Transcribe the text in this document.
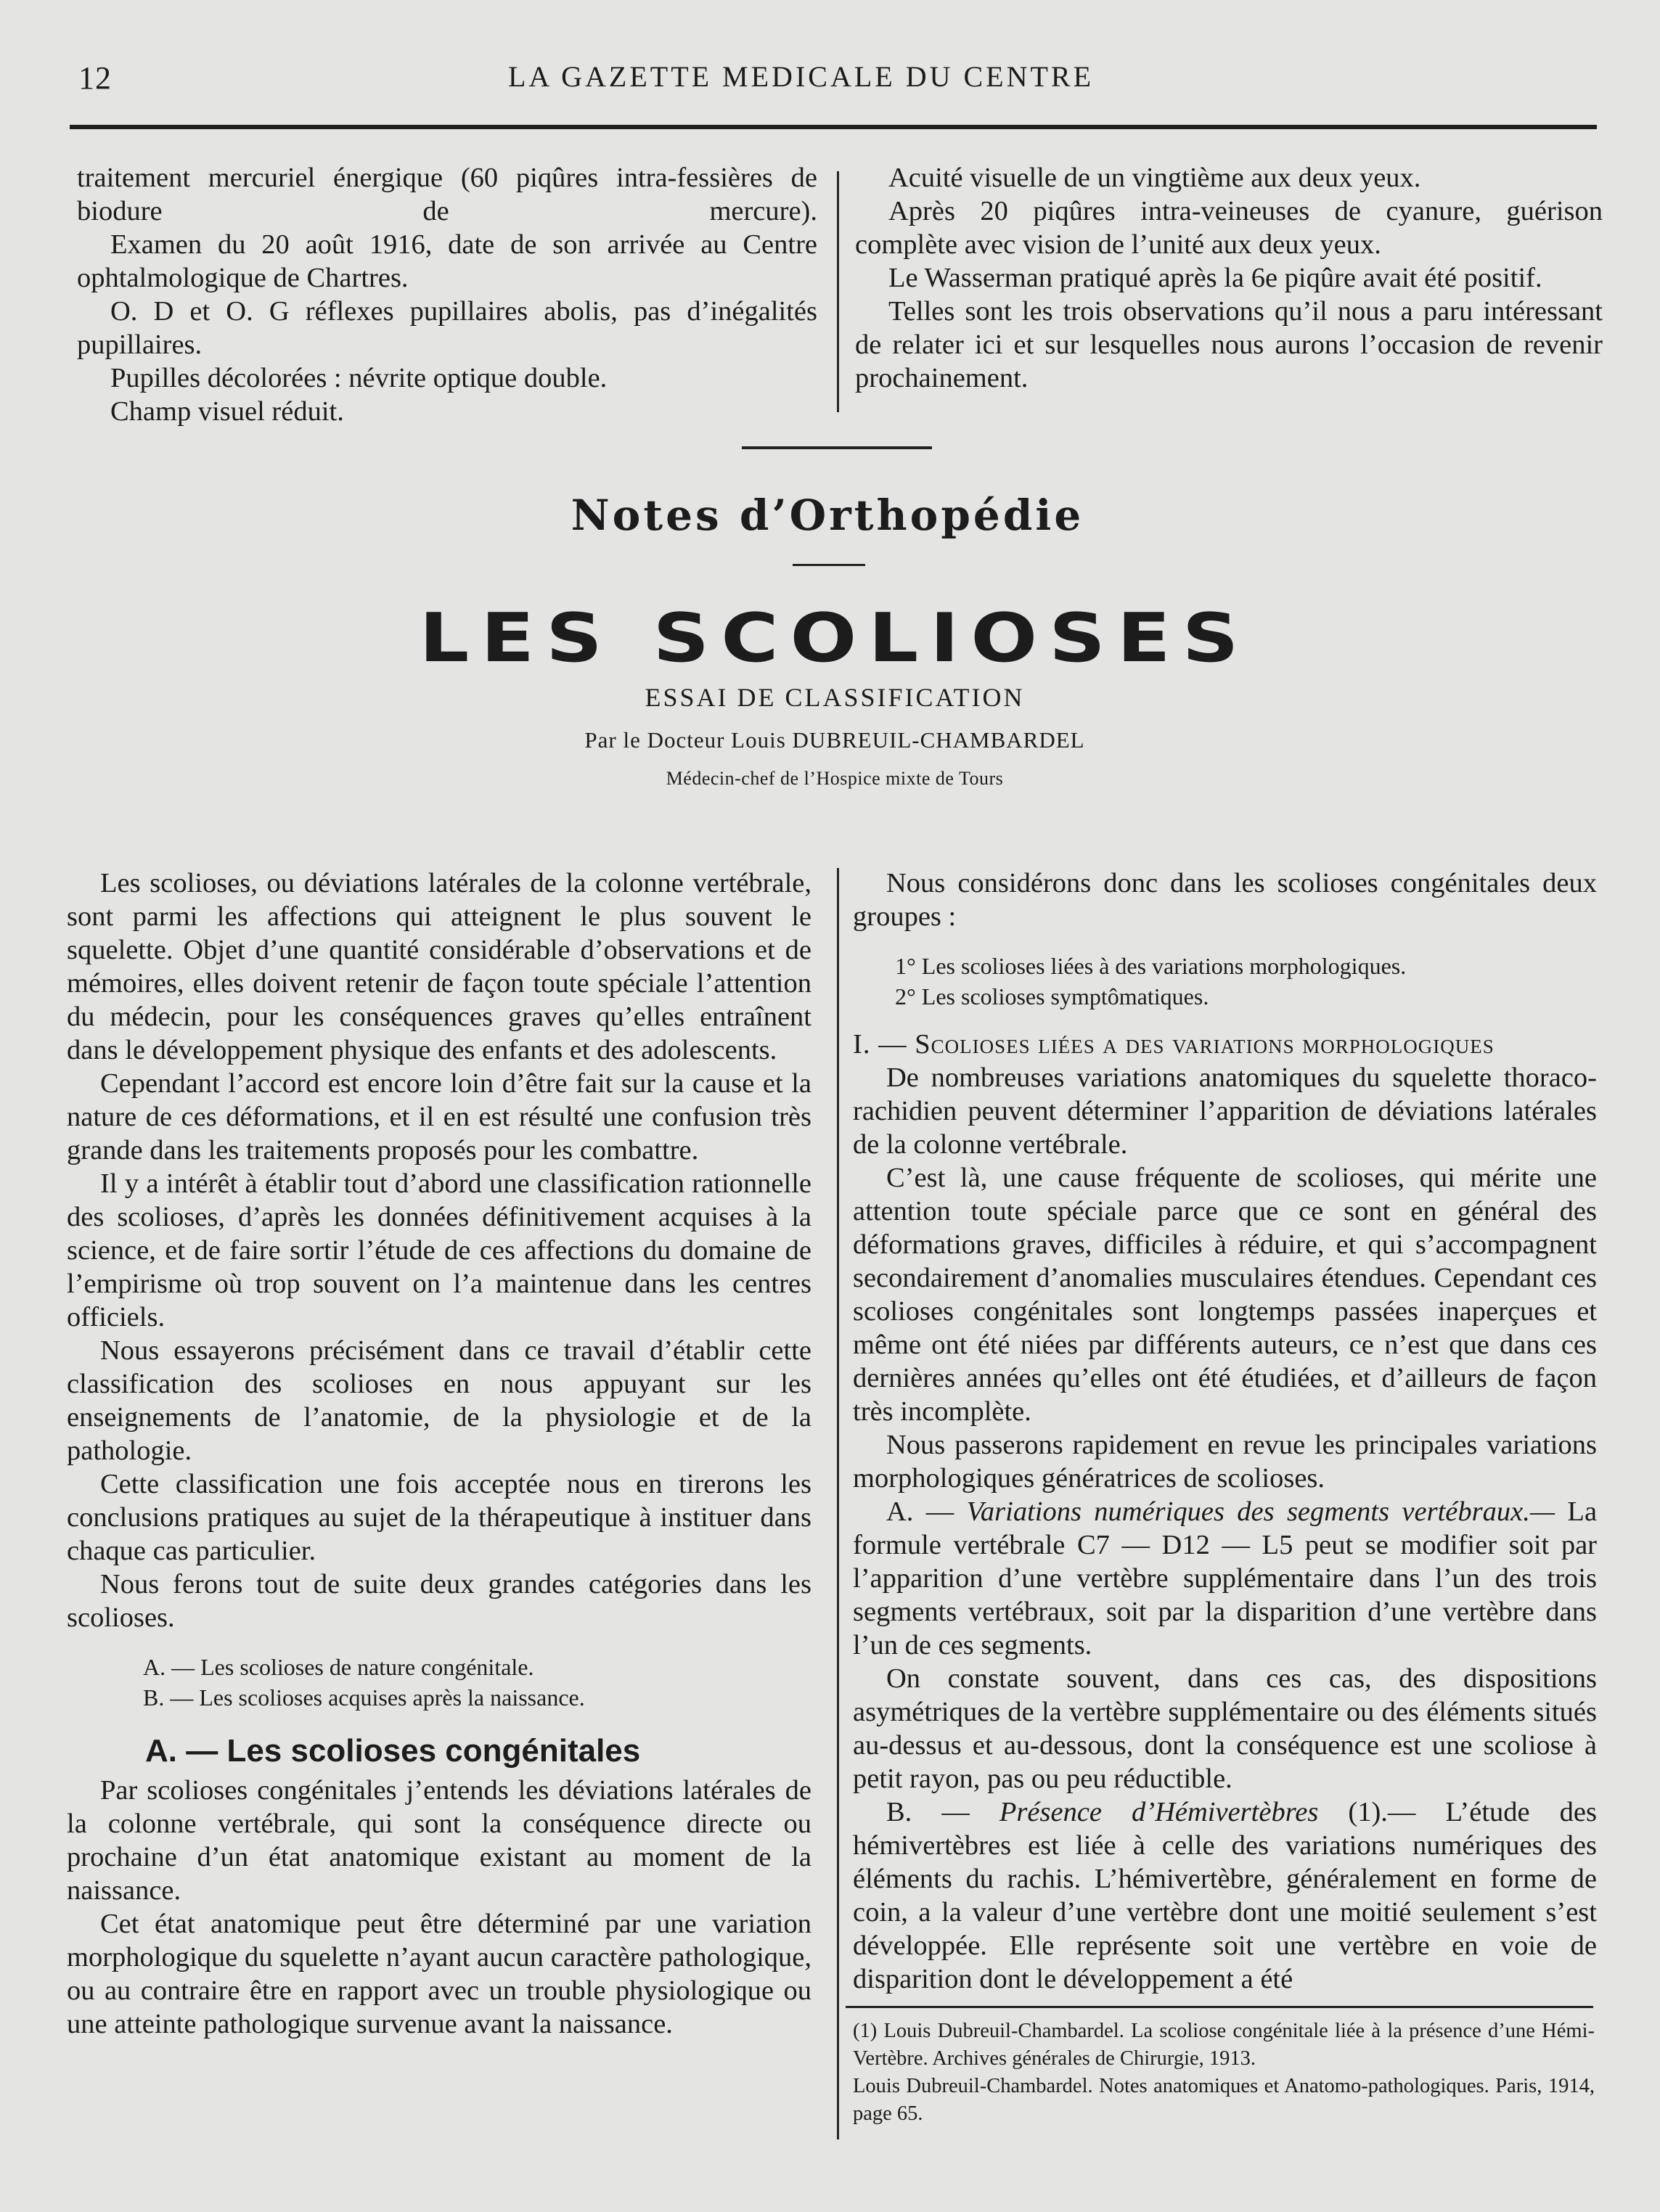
12	LA GAZETTE MEDICALE DU CENTRE

traitement mercuriel énergique (60 piqûres intra-fessières de biodure de mercure).

Examen du 20 août 1916, date de son arrivée au Centre ophtalmologique de Chartres.

O. D et O. G réflexes pupillaires abolis, pas d’inégalités pupillaires.

Pupilles décolorées : névrite optique double.

Champ visuel réduit.

Acuité visuelle de un vingtième aux deux yeux.

Après 20 piqûres intra-veineuses de cyanure, guérison complète avec vision de l’unité aux deux yeux.

Le Wasserman pratiqué après la 6e piqûre avait été positif.

Telles sont les trois observations qu’il nous a paru intéressant de relater ici et sur lesquelles nous aurons l’occasion de revenir prochainement.

Notes d’Orthopédie
LES SCOLIOSES
ESSAI DE CLASSIFICATION
Par le Docteur Louis DUBREUIL-CHAMBARDEL
Médecin-chef de l’Hospice mixte de Tours

Les scolioses, ou déviations latérales de la colonne vertébrale, sont parmi les affections qui atteignent le plus souvent le squelette. Objet d’une quantité considérable d’observations et de mémoires, elles doivent retenir de façon toute spéciale l’attention du médecin, pour les conséquences graves qu’elles entraînent dans le développement physique des enfants et des adolescents.

Cependant l’accord est encore loin d’être fait sur la cause et la nature de ces déformations, et il en est résulté une confusion très grande dans les traitements proposés pour les combattre.

Il y a intérêt à établir tout d’abord une classification rationnelle des scolioses, d’après les données définitivement acquises à la science, et de faire sortir l’étude de ces affections du domaine de l’empirisme où trop souvent on l’a maintenue dans les centres officiels.

Nous essayerons précisément dans ce travail d’établir cette classification des scolioses en nous appuyant sur les enseignements de l’anatomie, de la physiologie et de la pathologie.

Cette classification une fois acceptée nous en tirerons les conclusions pratiques au sujet de la thérapeutique à instituer dans chaque cas particulier.

Nous ferons tout de suite deux grandes catégories dans les scolioses.

A. — Les scolioses de nature congénitale.
B. — Les scolioses acquises après la naissance.
A. — Les scolioses congénitales

Par scolioses congénitales j’entends les déviations latérales de la colonne vertébrale, qui sont la conséquence directe ou prochaine d’un état anatomique existant au moment de la naissance.

Cet état anatomique peut être déterminé par une variation morphologique du squelette n’ayant aucun caractère pathologique, ou au contraire être en rapport avec un trouble physiologique ou une atteinte pathologique survenue avant la naissance.

Nous considérons donc dans les scolioses congénitales deux groupes :

1° Les scolioses liées à des variations morphologiques.
2° Les scolioses symptômatiques.

I. — Scolioses liées a des variations morphologiques

De nombreuses variations anatomiques du squelette thoraco-rachidien peuvent déterminer l’apparition de déviations latérales de la colonne vertébrale.

C’est là, une cause fréquente de scolioses, qui mérite une attention toute spéciale parce que ce sont en général des déformations graves, difficiles à réduire, et qui s’accompagnent secondairement d’anomalies musculaires étendues. Cependant ces scolioses congénitales sont longtemps passées inaperçues et même ont été niées par différents auteurs, ce n’est que dans ces dernières années qu’elles ont été étudiées, et d’ailleurs de façon très incomplète.

Nous passerons rapidement en revue les principales variations morphologiques génératrices de scolioses.

A. — Variations numériques des segments vertébraux.— La formule vertébrale C7 — D12 — L5 peut se modifier soit par l’apparition d’une vertèbre supplémentaire dans l’un des trois segments vertébraux, soit par la disparition d’une vertèbre dans l’un de ces segments.

On constate souvent, dans ces cas, des dispositions asymétriques de la vertèbre supplémentaire ou des éléments situés au-dessus et au-dessous, dont la conséquence est une scoliose à petit rayon, pas ou peu réductible.

B. — Présence d’Hémivertèbres (1).— L’étude des hémivertèbres est liée à celle des variations numériques des éléments du rachis. L’hémivertèbre, généralement en forme de coin, a la valeur d’une vertèbre dont une moitié seulement s’est développée. Elle représente soit une vertèbre en voie de disparition dont le développement a été

(1) Louis Dubreuil-Chambardel. La scoliose congénitale liée à la présence d’une Hémi-Vertèbre. Archives générales de Chirurgie, 1913.

Louis Dubreuil-Chambardel. Notes anatomiques et Anatomo-pathologiques. Paris, 1914, page 65.
